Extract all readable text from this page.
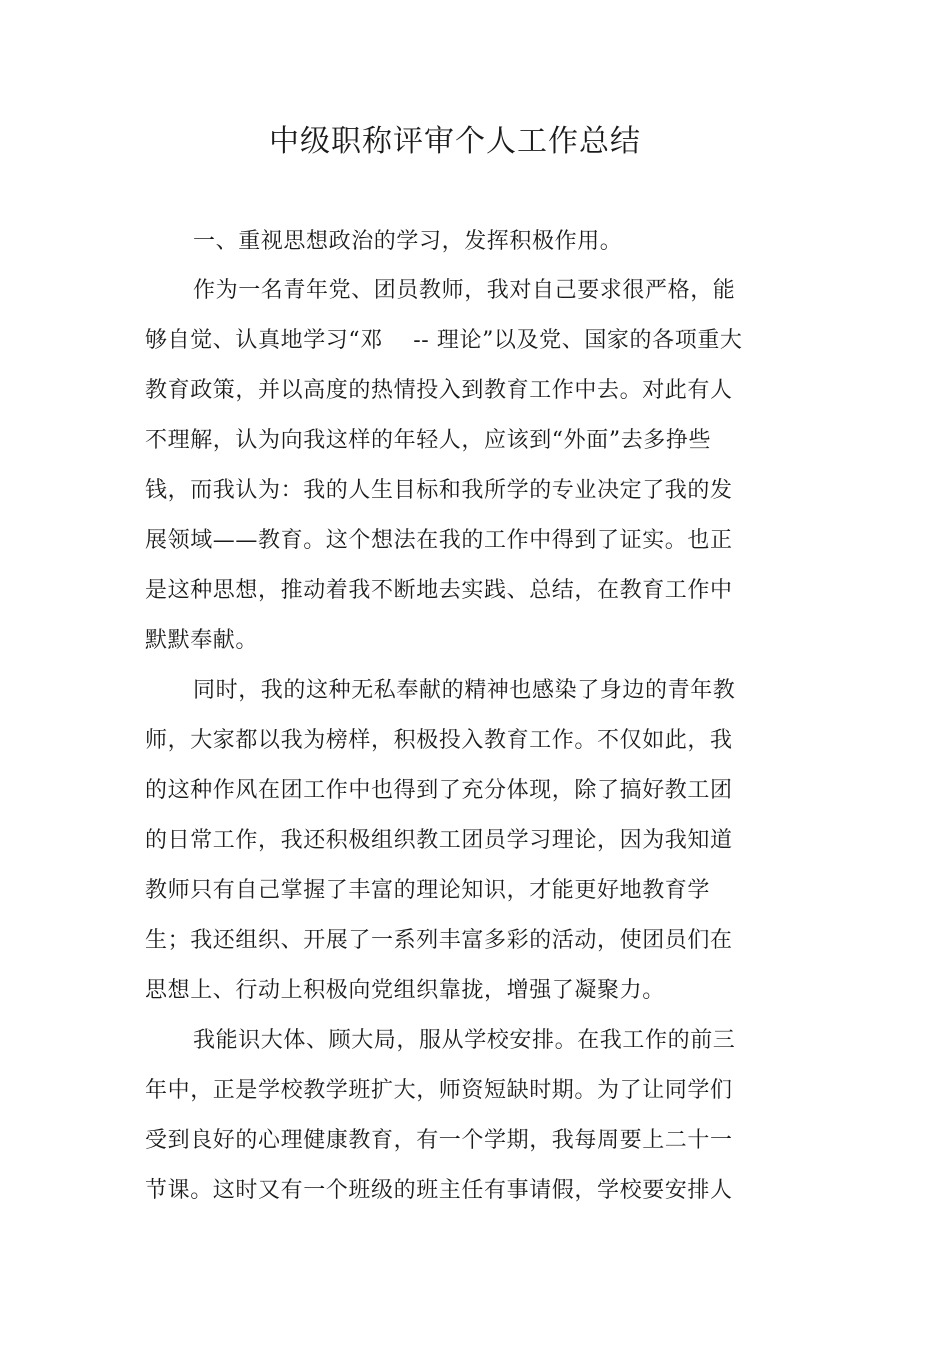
中级职称评审个人工作总结
一、重视思想政治的学习，发挥积极作用。
作为一名青年党、团员教师，我对自己要求很严格，能
够自觉、认真地学习“邓    -- 理论”以及党、国家的各项重大
教育政策，并以高度的热情投入到教育工作中去。对此有人
不理解，认为向我这样的年轻人，应该到“外面”去多挣些
钱，而我认为：我的人生目标和我所学的专业决定了我的发
展领域——教育。这个想法在我的工作中得到了证实。也正
是这种思想，推动着我不断地去实践、总结，在教育工作中
默默奉献。
同时，我的这种无私奉献的精神也感染了身边的青年教
师，大家都以我为榜样，积极投入教育工作。不仅如此，我
的这种作风在团工作中也得到了充分体现，除了搞好教工团
的日常工作，我还积极组织教工团员学习理论，因为我知道
教师只有自己掌握了丰富的理论知识，才能更好地教育学
生；我还组织、开展了一系列丰富多彩的活动，使团员们在
思想上、行动上积极向党组织靠拢，增强了凝聚力。
我能识大体、顾大局，服从学校安排。在我工作的前三
年中，正是学校教学班扩大，师资短缺时期。为了让同学们
受到良好的心理健康教育，有一个学期，我每周要上二十一
节课。这时又有一个班级的班主任有事请假，学校要安排人
